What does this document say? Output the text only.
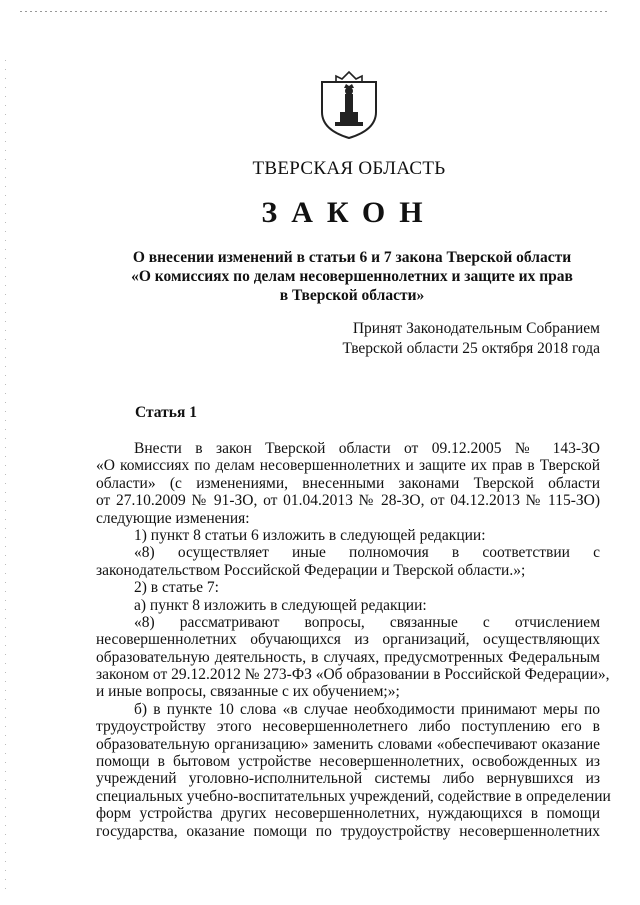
ТВЕРСКАЯ ОБЛАСТЬ
ЗАКОН
О внесении изменений в статьи 6 и 7 закона Тверской области
«О комиссиях по делам несовершеннолетних и защите их прав
в Тверской области»
Принят Законодательным Собранием
Тверской области 25 октября 2018 года
Статья 1
Внести в закон Тверской области от 09.12.2005 № 143-ЗО
«О комиссиях по делам несовершеннолетних и защите их прав в Тверской
области» (с изменениями, внесенными законами Тверской области
от 27.10.2009 № 91-ЗО, от 01.04.2013 № 28-ЗО, от 04.12.2013 № 115-ЗО)
следующие изменения:
1) пункт 8 статьи 6 изложить в следующей редакции:
«8) осуществляет иные полномочия в соответствии с
законодательством Российской Федерации и Тверской области.»;
2) в статье 7:
а) пункт 8 изложить в следующей редакции:
«8) рассматривают вопросы, связанные с отчислением
несовершеннолетних обучающихся из организаций, осуществляющих
образовательную деятельность, в случаях, предусмотренных Федеральным
законом от 29.12.2012 № 273-ФЗ «Об образовании в Российской Федерации»,
и иные вопросы, связанные с их обучением;»;
б) в пункте 10 слова «в случае необходимости принимают меры по
трудоустройству этого несовершеннолетнего либо поступлению его в
образовательную организацию» заменить словами «обеспечивают оказание
помощи в бытовом устройстве несовершеннолетних, освобожденных из
учреждений уголовно-исполнительной системы либо вернувшихся из
специальных учебно-воспитательных учреждений, содействие в определении
форм устройства других несовершеннолетних, нуждающихся в помощи
государства, оказание помощи по трудоустройству несовершеннолетних
